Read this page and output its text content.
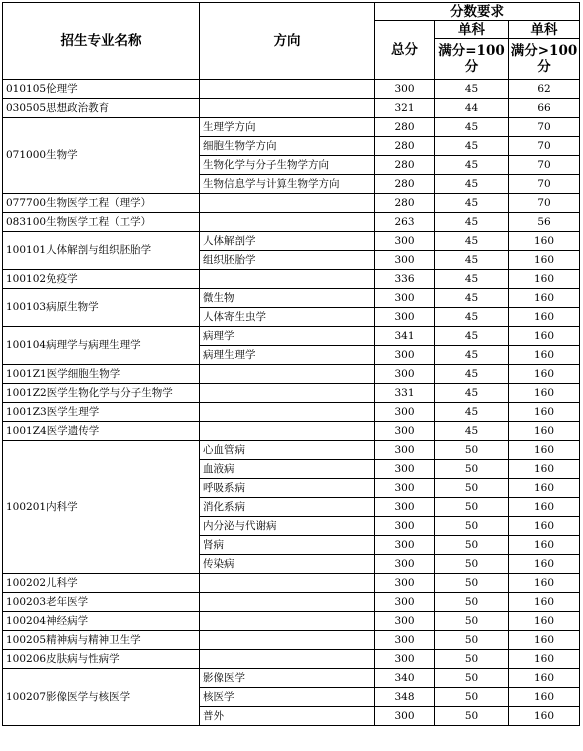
招生专业名称	方向	分数要求		
		总分	单科	单科
			满分=100分	满分>100分
010105伦理学		300	45	62
030505思想政治教育		321	44	66
071000生物学	生理学方向	280	45	70
	细胞生物学方向	280	45	70
	生物化学与分子生物学方向	280	45	70
	生物信息学与计算生物学方向	280	45	70
077700生物医学工程（理学）		280	45	70
083100生物医学工程（工学）		263	45	56
100101人体解剖与组织胚胎学	人体解剖学	300	45	160
	组织胚胎学	300	45	160
100102免疫学		336	45	160
100103病原生物学	微生物	300	45	160
	人体寄生虫学	300	45	160
100104病理学与病理生理学	病理学	341	45	160
	病理生理学	300	45	160
1001Z1医学细胞生物学		300	45	160
1001Z2医学生物化学与分子生物学		331	45	160
1001Z3医学生理学		300	45	160
1001Z4医学遗传学		300	45	160
100201内科学	心血管病	300	50	160
	血液病	300	50	160
	呼吸系病	300	50	160
	消化系病	300	50	160
	内分泌与代谢病	300	50	160
	肾病	300	50	160
	传染病	300	50	160
100202儿科学		300	50	160
100203老年医学		300	50	160
100204神经病学		300	50	160
100205精神病与精神卫生学		300	50	160
100206皮肤病与性病学		300	50	160
100207影像医学与核医学	影像医学	340	50	160
	核医学	348	50	160
	普外	300	50	160
